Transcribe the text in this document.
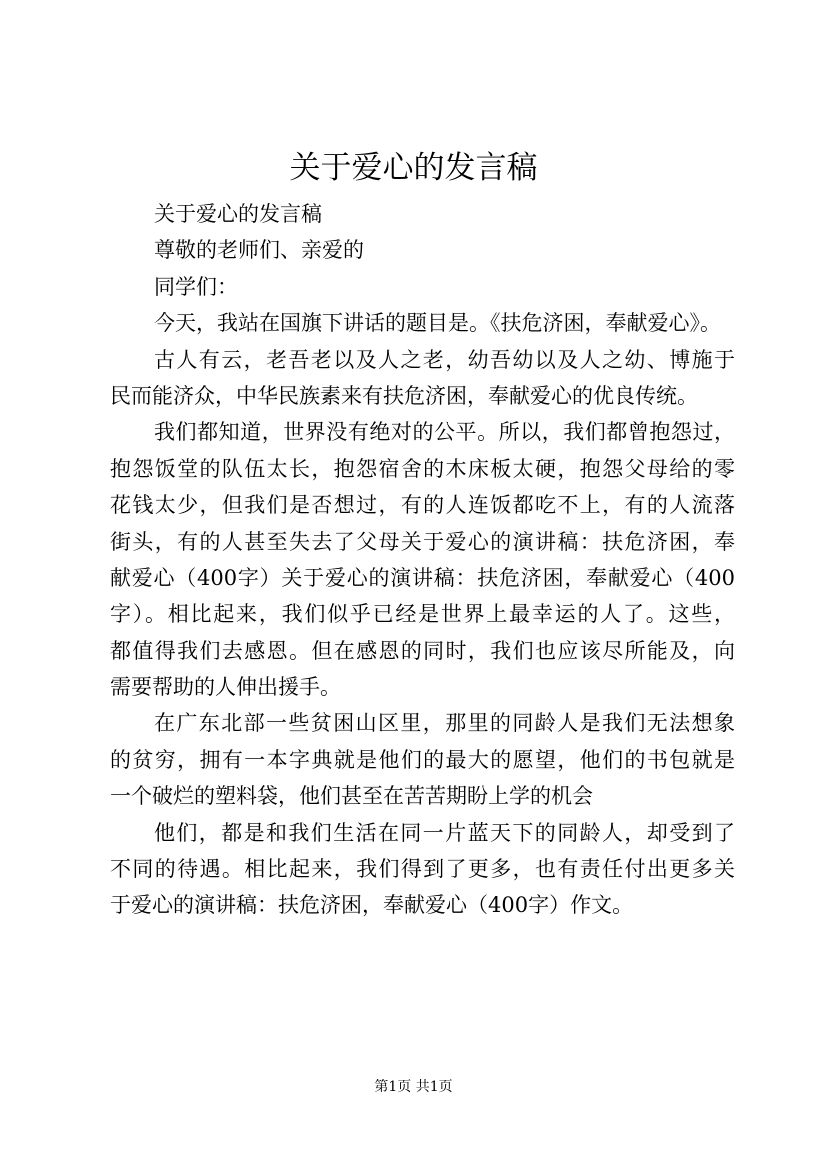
关于爱心的发言稿
关于爱心的发言稿
尊敬的老师们、亲爱的
同学们：
今天，我站在国旗下讲话的题目是。《扶危济困，奉献爱心》。
古人有云，老吾老以及人之老，幼吾幼以及人之幼、博施于
民而能济众，中华民族素来有扶危济困，奉献爱心的优良传统。
我们都知道，世界没有绝对的公平。所以，我们都曾抱怨过，
抱怨饭堂的队伍太长，抱怨宿舍的木床板太硬，抱怨父母给的零
花钱太少，但我们是否想过，有的人连饭都吃不上，有的人流落
街头，有的人甚至失去了父母关于爱心的演讲稿：扶危济困，奉
献爱心（400字）关于爱心的演讲稿：扶危济困，奉献爱心（400
字）。相比起来，我们似乎已经是世界上最幸运的人了。这些，
都值得我们去感恩。但在感恩的同时，我们也应该尽所能及，向
需要帮助的人伸出援手。
在广东北部一些贫困山区里，那里的同龄人是我们无法想象
的贫穷，拥有一本字典就是他们的最大的愿望，他们的书包就是
一个破烂的塑料袋，他们甚至在苦苦期盼上学的机会
他们，都是和我们生活在同一片蓝天下的同龄人，却受到了
不同的待遇。相比起来，我们得到了更多，也有责任付出更多关
于爱心的演讲稿：扶危济困，奉献爱心（400字）作文。
第1页 共1页
